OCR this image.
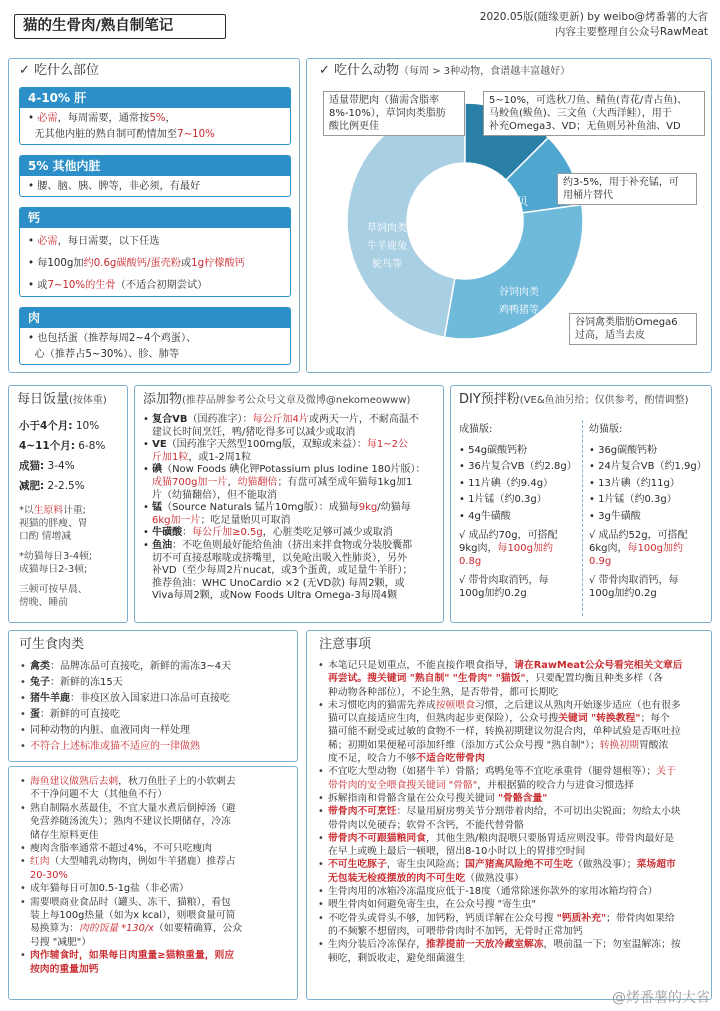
猫的生骨肉/熟自制笔记
2020.05版(随缘更新) by weibo@烤番薯的大省
内容主要整理自公众号RawMeat
✓ 吃什么部位
4-10% 肝
• 必需，每周需要，通常按5%，
无其他内脏的熟自制可酌情加至7~10%
5% 其他内脏
• 腰、脑、胰、脾等，非必须，有最好
钙
• 必需，每日需要，以下任选
• 每100g加约0.6g碳酸钙/蛋壳粉或1g柠檬酸钙
• 或7~10%的生骨（不适合初期尝试）
肉
• 也包括蛋（推荐每周2~4个鸡蛋）、
心（推荐占5~30%）、胗、肺等
✓ 吃什么动物（每周 > 3种动物，食谱越丰富越好）
草饲肉类
牛羊鹿兔
鸵鸟等
海鱼
贻贝
谷饲肉类
鸡鸭猪等
适量带肥肉（猫需含脂率
8%-10%），草饲肉类脂肪
酸比例更佳
5~10%，可选秋刀鱼、鲭鱼(青花/青占鱼)、
马鲛鱼(鲅鱼)、三文鱼（大西洋鲑），用于
补充Omega3、VD；无鱼则另补鱼油、VD
约3-5%，用于补充锰，可
用桶片替代
谷饲禽类脂肪Omega6
过高，适当去皮
每日饭量(按体重)
小于4个月: 10%
4~11个月: 6-8%
成猫: 3-4%
减肥: 2-2.5%
*以生原料计重;
视猫的胖瘦、胃
口酌 情增减
*幼猫每日3-4顿;
成猫每日2-3顿;
三顿可按早晨、
傍晚、睡前
添加物(推荐品牌参考公众号文章及微博@nekomeowww)
• 复合VB（国药准字）：每公斤加4片或两天一片，不耐高温不
建议长时间烹饪，鸭/猪吃得多可以减少或取消
• VE（国药准字天然型100mg版，双鲸或来益）：每1~2公
斤加1粒，或1-2周1粒
• 碘（Now Foods 碘化钾Potassium plus Iodine 180片版）：
成猫700g加一片，幼猫翻倍；有盘可减至成年猫每1kg加1
片（幼猫翻倍），但不能取消
• 锰（Source Naturals 锰片10mg版）：成猫每9kg/幼猫每
6kg加一片；吃足量贻贝可取消
• 牛磺酸：每公斤加≥0.5g，心脏类吃足够可减少或取消
• 鱼油：不吃鱼则最好能给鱼油（挤出来拌食物或分装胶囊都
切不可直接怼喉咙或挤嘴里，以免呛出吸入性肺炎），另外
补VD（至少每周2片nucat，或3个蛋黄，或足量牛羊肝）；
推荐鱼油：WHC UnoCardio ×2 (无VD款) 每周2颗，或
Viva每周2颗，或Now Foods Ultra Omega-3每周4颗
DIY预拌粉(VE&鱼油另给；仅供参考，酌情调整)
成猫版:
• 54g碳酸钙粉
• 36片复合VB（约2.8g）
• 11片碘（约9.4g）
• 1片锰（约0.3g）
• 4g牛磺酸
√ 成品约70g，可搭配
9kg肉，每100g加约
0.8g
√ 带骨肉取消钙，每
100g加约0.2g
幼猫版:
• 36g碳酸钙粉
• 24片复合VB（约1.9g）
• 13片碘（约11g）
• 1片锰（约0.3g）
• 3g牛磺酸
√ 成品约52g，可搭配
6kg肉，每100g加约
0.9g
√ 带骨肉取消钙，每
100g加约0.2g
可生食肉类
• 禽类：品牌冻品可直接吃，新鲜的需冻3~4天
• 兔子：新鲜的冻15天
• 猪牛羊鹿：非疫区放入国家进口冻品可直接吃
• 蛋：新鲜的可直接吃
• 同种动物的内脏、血液同肉一样处理
• 不符合上述标准或猫不适应的一律做熟
• 海鱼建议做熟后去刺，秋刀鱼肚子上的小软刺去
不干净问题不大（其他鱼不行）
• 熟自制隔水蒸最佳，不宜大量水煮后倒掉汤（避
免营养随汤流失）；熟肉不建议长期储存，冷冻
储存生原料更佳
• 瘦肉含脂率通常不超过4%，不可只吃瘦肉
• 红肉（大型哺乳动物肉，例如牛羊猪鹿）推荐占
20-30%
• 成年猫每日可加0.5-1g盐（非必需）
• 需要喂商业食品时（罐头、冻干、猫粮），看包
装上每100g热量（如为x kcal），则喂食量可简
易换算为：肉的饭量 *130/x（如要精确算，公众
号搜 "减肥"）
• 肉作辅食时，如果每日肉重量≥猫粮重量，则应
按肉的重量加钙
注意事项
• 本笔记只是划重点，不能直接作喂食指导，请在RawMeat公众号看完相关文章后
再尝试。搜关键词 "熟自制" "生骨肉" "猫饭"，只要配置均衡且种类多样（各
种动物各种部位），不论生熟，是否带骨，都可长期吃
• 未习惯吃肉的猫需先养成按顿喂食习惯，之后建议从熟肉开始逐步适应（也有很多
猫可以直接适应生肉，但熟肉起步更保险），公众号搜关键词 "转换教程"；每个
猫可能不耐受或过敏的食物不一样，转换初期建议勿混合肉，单种试验是否呕吐拉
稀；初期如果便秘可添加纤维（添加方式公众号搜 "熟自制"）；转换初期胃酸浓
度不足，咬合力不够不适合吃带骨肉
• 不宜吃大型动物（如猪牛羊）骨骼；鸡鸭兔等不宜吃承重骨（腿骨翅根等）；关于
带骨肉的安全喂食搜关键词 "骨骼"，并根据猫的咬合力与进食习惯选择
• 拆解指南和骨骼含量在公众号搜关键词 "骨骼含量"
• 带骨肉不可烹饪：尽量用厨房剪关节分割带着肉给，不可切出尖锐面；勿给太小块
带骨肉以免硬吞；软骨不含钙，不能代替骨骼
• 带骨肉不可跟猫粮同食，其他生熟/粮肉混喂只要肠胃适应则没事。带骨肉最好是
在早上或晚上最后一顿喂，留出8-10小时以上的胃排空时间
• 不可生吃豚子，寄生虫风险高；国产猪高风险绝不可生吃（做熟没事）；菜场超市
无包装无检疫摆放的肉不可生吃（做熟没事）
• 生骨肉用的冰箱冷冻温度应低于-18度（通常除迷你款外的家用冰箱均符合）
• 喂生骨肉如何避免寄生虫，在公众号搜 "寄生虫"
• 不吃骨头或骨头不够，加钙粉，钙质详解在公众号搜 "钙质补充"；带骨肉如果给
的不频繁不想留肉，可喂带骨肉时不加钙，无骨时正常加钙
• 生肉分装后冷冻保存，推荐提前一天放冷藏室解冻，喂前温一下；勿室温解冻；按
顿吃，剩饭收走，避免细菌滋生
@烤番薯的大省
